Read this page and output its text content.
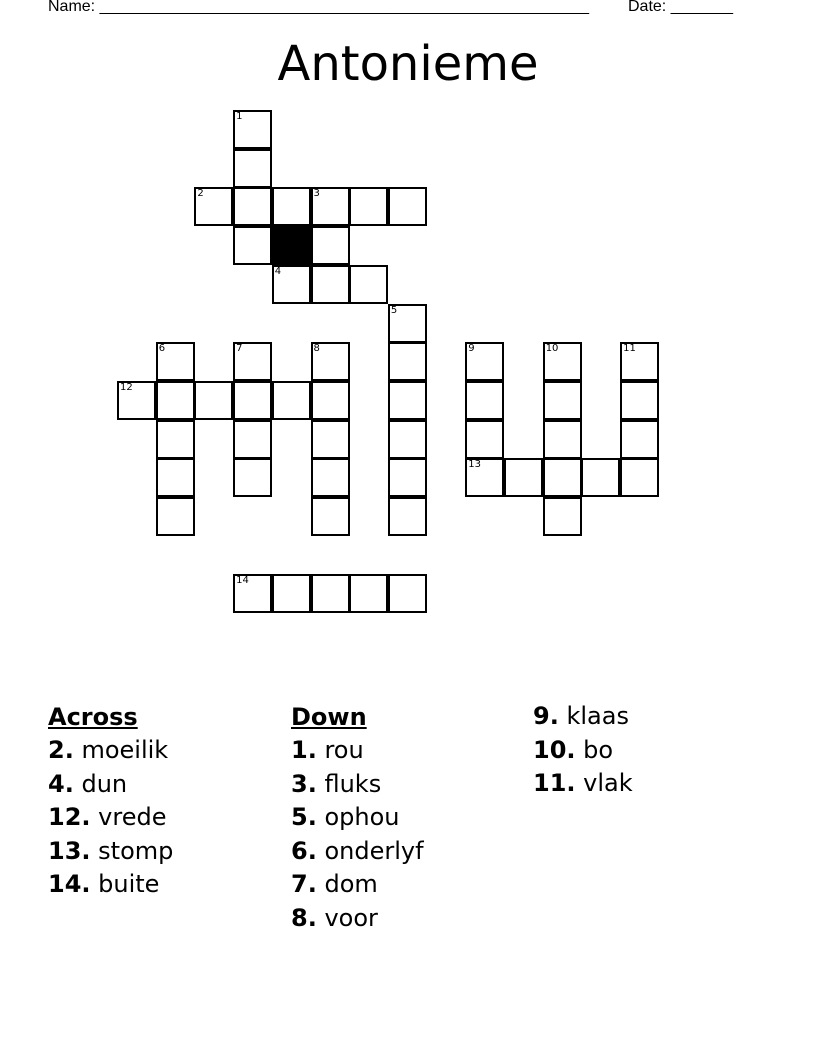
Name: _______________________________________________________ Date: _______
Antonieme
1
2	3
4
5
6	7	8	9	10	11
12
13
14
Across
2. moeilik
4. dun
12. vrede
13. stomp
14. buite
Down
1. rou
3. fluks
5. ophou
6. onderlyf
7. dom
8. voor
9. klaas
10. bo
11. vlak
